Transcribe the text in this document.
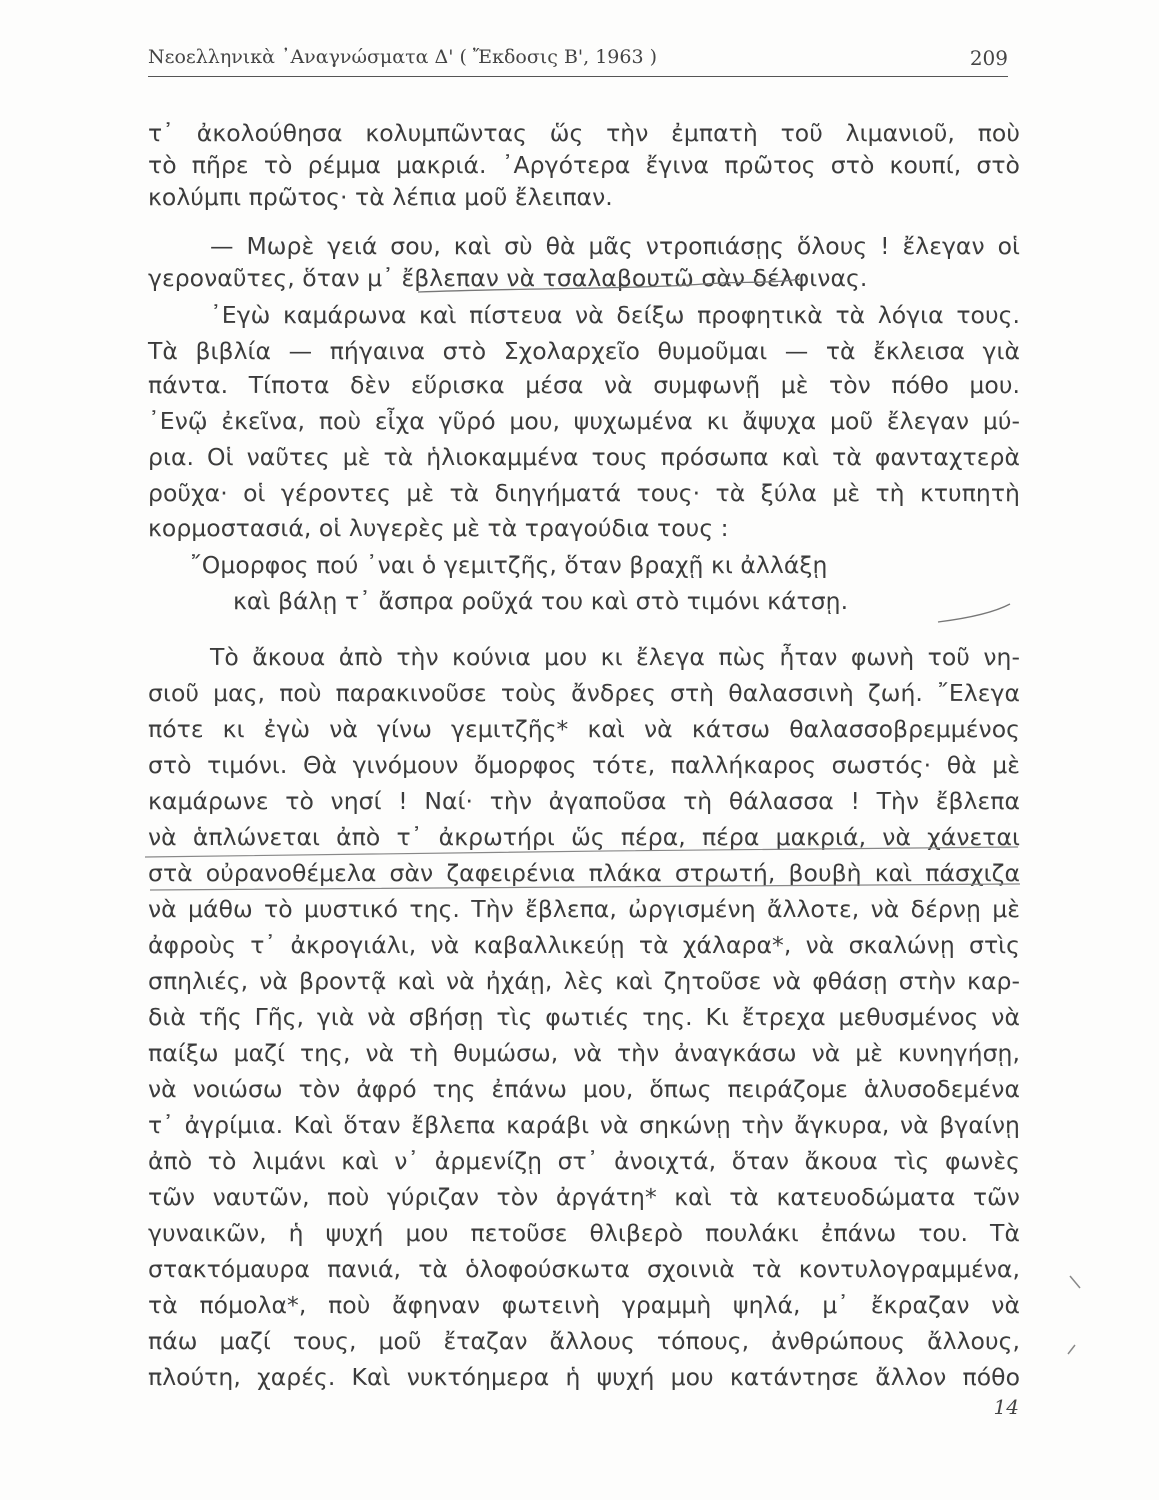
Νεοελληνικὰ ᾿Αναγνώσματα Δ' ( Ἔκδοσις Β', 1963 )	209
τ᾿ ἀκολούθησα κολυμπῶντας ὥς τὴν ἐμπατὴ τοῦ λιμανιοῦ, ποὺ
τὸ πῆρε τὸ ρέμμα μακριά. ᾿Αργότερα ἔγινα πρῶτος στὸ κουπί, στὸ
κολύμπι πρῶτος· τὰ λέπια μοῦ ἔλειπαν.
— Μωρὲ γειά σου, καὶ σὺ θὰ μᾶς ντροπιάσῃς ὅλους ! ἔλεγαν οἱ
γεροναῦτες, ὅταν μ᾿ ἔβλεπαν νὰ τσαλαβουτῶ σὰν δέλφινας.
᾿Εγὼ καμάρωνα καὶ πίστευα νὰ δείξω προφητικὰ τὰ λόγια τους.
Τὰ βιβλία — πήγαινα στὸ Σχολαρχεῖο θυμοῦμαι — τὰ ἔκλεισα γιὰ
πάντα. Τίποτα δὲν εὕρισκα μέσα νὰ συμφωνῇ μὲ τὸν πόθο μου.
᾿Ενῷ ἐκεῖνα, ποὺ εἶχα γῦρό μου, ψυχωμένα κι ἄψυχα μοῦ ἔλεγαν μύ-
ρια. Οἱ ναῦτες μὲ τὰ ἡλιοκαμμένα τους πρόσωπα καὶ τὰ φανταχτερὰ
ροῦχα· οἱ γέροντες μὲ τὰ διηγήματά τους· τὰ ξύλα μὲ τὴ κτυπητὴ
κορμοστασιά, οἱ λυγερὲς μὲ τὰ τραγούδια τους :
῎Ομορφος πού ᾿ναι ὁ γεμιτζῆς, ὅταν βραχῇ κι ἀλλάξῃ
καὶ βάλῃ τ᾿ ἄσπρα ροῦχά του καὶ στὸ τιμόνι κάτσῃ.
Τὸ ἄκουα ἀπὸ τὴν κούνια μου κι ἔλεγα πὼς ἦταν φωνὴ τοῦ νη-
σιοῦ μας, ποὺ παρακινοῦσε τοὺς ἄνδρες στὴ θαλασσινὴ ζωή. ῎Ελεγα
πότε κι ἐγὼ νὰ γίνω γεμιτζῆς* καὶ νὰ κάτσω θαλασσοβρεμμένος
στὸ τιμόνι. Θὰ γινόμουν ὄμορφος τότε, παλλήκαρος σωστός· θὰ μὲ
καμάρωνε τὸ νησί ! Ναί· τὴν ἀγαποῦσα τὴ θάλασσα ! Τὴν ἔβλεπα
νὰ ἁπλώνεται ἀπὸ τ᾿ ἀκρωτήρι ὥς πέρα, πέρα μακριά, νὰ χάνεται
στὰ οὐρανοθέμελα σὰν ζαφειρένια πλάκα στρωτή, βουβὴ καὶ πάσχιζα
νὰ μάθω τὸ μυστικό της. Τὴν ἔβλεπα, ὠργισμένη ἄλλοτε, νὰ δέρνῃ μὲ
ἀφροὺς τ᾿ ἀκρογιάλι, νὰ καβαλλικεύῃ τὰ χάλαρα*, νὰ σκαλώνῃ στὶς
σπηλιές, νὰ βροντᾷ καὶ νὰ ἠχάῃ, λὲς καὶ ζητοῦσε νὰ φθάσῃ στὴν καρ-
διὰ τῆς Γῆς, γιὰ νὰ σβήσῃ τὶς φωτιές της. Κι ἔτρεχα μεθυσμένος νὰ
παίξω μαζί της, νὰ τὴ θυμώσω, νὰ τὴν ἀναγκάσω νὰ μὲ κυνηγήσῃ,
νὰ νοιώσω τὸν ἀφρό της ἐπάνω μου, ὅπως πειράζομε ἁλυσοδεμένα
τ᾿ ἀγρίμια. Καὶ ὅταν ἔβλεπα καράβι νὰ σηκώνῃ τὴν ἄγκυρα, νὰ βγαίνῃ
ἀπὸ τὸ λιμάνι καὶ ν᾿ ἀρμενίζῃ στ᾿ ἀνοιχτά, ὅταν ἄκουα τὶς φωνὲς
τῶν ναυτῶν, ποὺ γύριζαν τὸν ἀργάτη* καὶ τὰ κατευοδώματα τῶν
γυναικῶν, ἡ ψυχή μου πετοῦσε θλιβερὸ πουλάκι ἐπάνω του. Τὰ
στακτόμαυρα πανιά, τὰ ὁλοφούσκωτα σχοινιὰ τὰ κοντυλογραμμένα,
τὰ πόμολα*, ποὺ ἄφηναν φωτεινὴ γραμμὴ ψηλά, μ᾿ ἔκραζαν νὰ
πάω μαζί τους, μοῦ ἔταζαν ἄλλους τόπους, ἀνθρώπους ἄλλους,
πλούτη, χαρές. Καὶ νυκτόημερα ἡ ψυχή μου κατάντησε ἄλλον πόθο
14
